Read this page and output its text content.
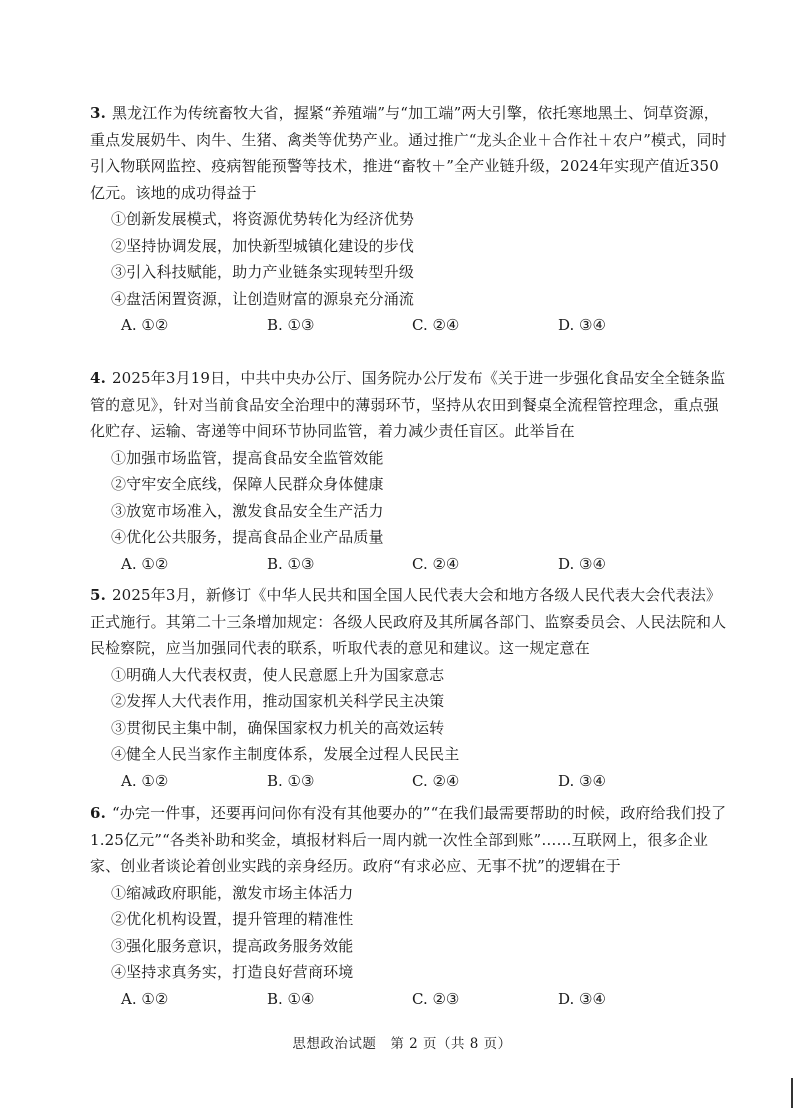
3. 黑龙江作为传统畜牧大省，握紧“养殖端”与“加工端”两大引擎，依托寒地黑土、饲草资源，重点发展奶牛、肉牛、生猪、禽类等优势产业。通过推广“龙头企业＋合作社＋农户”模式，同时引入物联网监控、疫病智能预警等技术，推进“畜牧＋”全产业链升级，2024年实现产值近350亿元。该地的成功得益于
①创新发展模式，将资源优势转化为经济优势
②坚持协调发展，加快新型城镇化建设的步伐
③引入科技赋能，助力产业链条实现转型升级
④盘活闲置资源，让创造财富的源泉充分涌流
A. ①②	B. ①③	C. ②④	D. ③④
4. 2025年3月19日，中共中央办公厅、国务院办公厅发布《关于进一步强化食品安全全链条监管的意见》，针对当前食品安全治理中的薄弱环节，坚持从农田到餐桌全流程管控理念，重点强化贮存、运输、寄递等中间环节协同监管，着力减少责任盲区。此举旨在
①加强市场监管，提高食品安全监管效能
②守牢安全底线，保障人民群众身体健康
③放宽市场准入，激发食品安全生产活力
④优化公共服务，提高食品企业产品质量
A. ①②	B. ①③	C. ②④	D. ③④
5. 2025年3月，新修订《中华人民共和国全国人民代表大会和地方各级人民代表大会代表法》正式施行。其第二十三条增加规定：各级人民政府及其所属各部门、监察委员会、人民法院和人民检察院，应当加强同代表的联系，听取代表的意见和建议。这一规定意在
①明确人大代表权责，使人民意愿上升为国家意志
②发挥人大代表作用，推动国家机关科学民主决策
③贯彻民主集中制，确保国家权力机关的高效运转
④健全人民当家作主制度体系，发展全过程人民民主
A. ①②	B. ①③	C. ②④	D. ③④
6. “办完一件事，还要再问问你有没有其他要办的”“在我们最需要帮助的时候，政府给我们投了1.25亿元”“各类补助和奖金，填报材料后一周内就一次性全部到账”……互联网上，很多企业家、创业者谈论着创业实践的亲身经历。政府“有求必应、无事不扰”的逻辑在于
①缩减政府职能，激发市场主体活力
②优化机构设置，提升管理的精准性
③强化服务意识，提高政务服务效能
④坚持求真务实，打造良好营商环境
A. ①②	B. ①④	C. ②③	D. ③④
思想政治试题　第 2 页（共 8 页）
